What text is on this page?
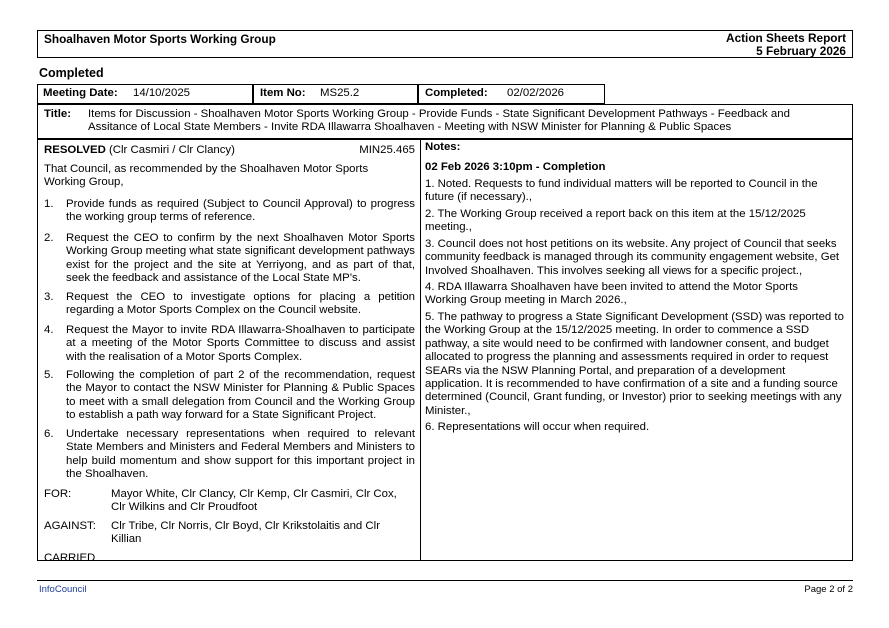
Shoalhaven Motor Sports Working Group	Action Sheets Report
5 February 2026
Completed
Meeting Date: 14/10/2025	Item No: MS25.2	Completed: 02/02/2026
Title: Items for Discussion - Shoalhaven Motor Sports Working Group - Provide Funds - State Significant Development Pathways - Feedback and
Assitance of Local State Members - Invite RDA Illawarra Shoalhaven - Meeting with NSW Minister for Planning & Public Spaces
RESOLVED (Clr Casmiri / Clr Clancy)	MIN25.465
That Council, as recommended by the Shoalhaven Motor Sports Working Group,
1. Provide funds as required (Subject to Council Approval) to progress the working group terms of reference.
2. Request the CEO to confirm by the next Shoalhaven Motor Sports Working Group meeting what state significant development pathways exist for the project and the site at Yerriyong, and as part of that, seek the feedback and assistance of the Local State MP’s.
3. Request the CEO to investigate options for placing a petition regarding a Motor Sports Complex on the Council website.
4. Request the Mayor to invite RDA Illawarra-Shoalhaven to participate at a meeting of the Motor Sports Committee to discuss and assist with the realisation of a Motor Sports Complex.
5. Following the completion of part 2 of the recommendation, request the Mayor to contact the NSW Minister for Planning & Public Spaces to meet with a small delegation from Council and the Working Group to establish a path way forward for a State Significant Project.
6. Undertake necessary representations when required to relevant State Members and Ministers and Federal Members and Ministers to help build momentum and show support for this important project in the Shoalhaven.
FOR:	Mayor White, Clr Clancy, Clr Kemp, Clr Casmiri, Clr Cox, Clr Wilkins and Clr Proudfoot
AGAINST: Clr Tribe, Clr Norris, Clr Boyd, Clr Krikstolaitis and Clr Killian
CARRIED
Notes:
02 Feb 2026 3:10pm - Completion
1. Noted. Requests to fund individual matters will be reported to Council in the future (if necessary).,
2. The Working Group received a report back on this item at the 15/12/2025 meeting.,
3. Council does not host petitions on its website. Any project of Council that seeks community feedback is managed through its community engagement website, Get Involved Shoalhaven. This involves seeking all views for a specific project.,
4. RDA Illawarra Shoalhaven have been invited to attend the Motor Sports Working Group meeting in March 2026.,
5. The pathway to progress a State Significant Development (SSD) was reported to the Working Group at the 15/12/2025 meeting. In order to commence a SSD pathway, a site would need to be confirmed with landowner consent, and budget allocated to progress the planning and assessments required in order to request SEARs via the NSW Planning Portal, and preparation of a development application. It is recommended to have confirmation of a site and a funding source determined (Council, Grant funding, or Investor) prior to seeking meetings with any Minister.,
6. Representations will occur when required.
InfoCouncil	Page 2 of 2
